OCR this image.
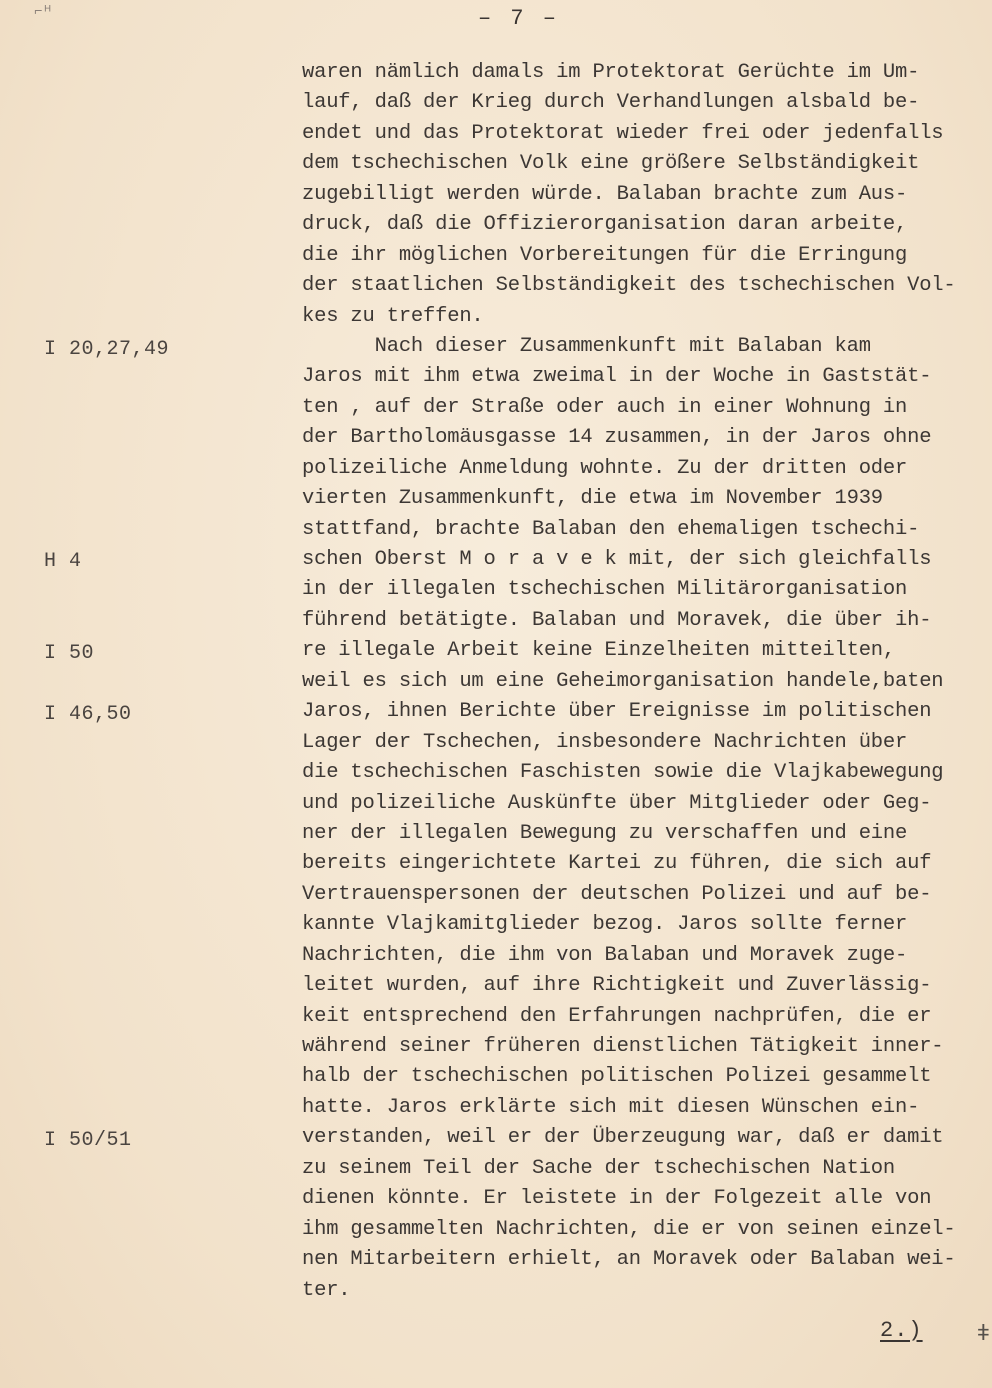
⌐ᴴ	– 7 –
I 20,27,49
H 4
I 50
I 46,50
I 50/51
waren nämlich damals im Protektorat Gerüchte im Um-
lauf, daß der Krieg durch Verhandlungen alsbald be-
endet und das Protektorat wieder frei oder jedenfalls
dem tschechischen Volk eine größere Selbständigkeit
zugebilligt werden würde. Balaban brachte zum Aus-
druck, daß die Offizierorganisation daran arbeite,
die ihr möglichen Vorbereitungen für die Erringung
der staatlichen Selbständigkeit des tschechischen Vol-
kes zu treffen.
Nach dieser Zusammenkunft mit Balaban kam
Jaros mit ihm etwa zweimal in der Woche in Gaststät-
ten , auf der Straße oder auch in einer Wohnung in
der Bartholomäusgasse 14 zusammen, in der Jaros ohne
polizeiliche Anmeldung wohnte. Zu der dritten oder
vierten Zusammenkunft, die etwa im November 1939
stattfand, brachte Balaban den ehemaligen tschechi-
schen Oberst M o r a v e k mit, der sich gleichfalls
in der illegalen tschechischen Militärorganisation
führend betätigte. Balaban und Moravek, die über ih-
re illegale Arbeit keine Einzelheiten mitteilten,
weil es sich um eine Geheimorganisation handele,baten
Jaros, ihnen Berichte über Ereignisse im politischen
Lager der Tschechen, insbesondere Nachrichten über
die tschechischen Faschisten sowie die Vlajkabewegung
und polizeiliche Auskünfte über Mitglieder oder Geg-
ner der illegalen Bewegung zu verschaffen und eine
bereits eingerichtete Kartei zu führen, die sich auf
Vertrauenspersonen der deutschen Polizei und auf be-
kannte Vlajkamitglieder bezog. Jaros sollte ferner
Nachrichten, die ihm von Balaban und Moravek zuge-
leitet wurden, auf ihre Richtigkeit und Zuverlässig-
keit entsprechend den Erfahrungen nachprüfen, die er
während seiner früheren dienstlichen Tätigkeit inner-
halb der tschechischen politischen Polizei gesammelt
hatte. Jaros erklärte sich mit diesen Wünschen ein-
verstanden, weil er der Überzeugung war, daß er damit
zu seinem Teil der Sache der tschechischen Nation
dienen könnte. Er leistete in der Folgezeit alle von
ihm gesammelten Nachrichten, die er von seinen einzel-
nen Mitarbeitern erhielt, an Moravek oder Balaban wei-
ter.
2.) ǂ
